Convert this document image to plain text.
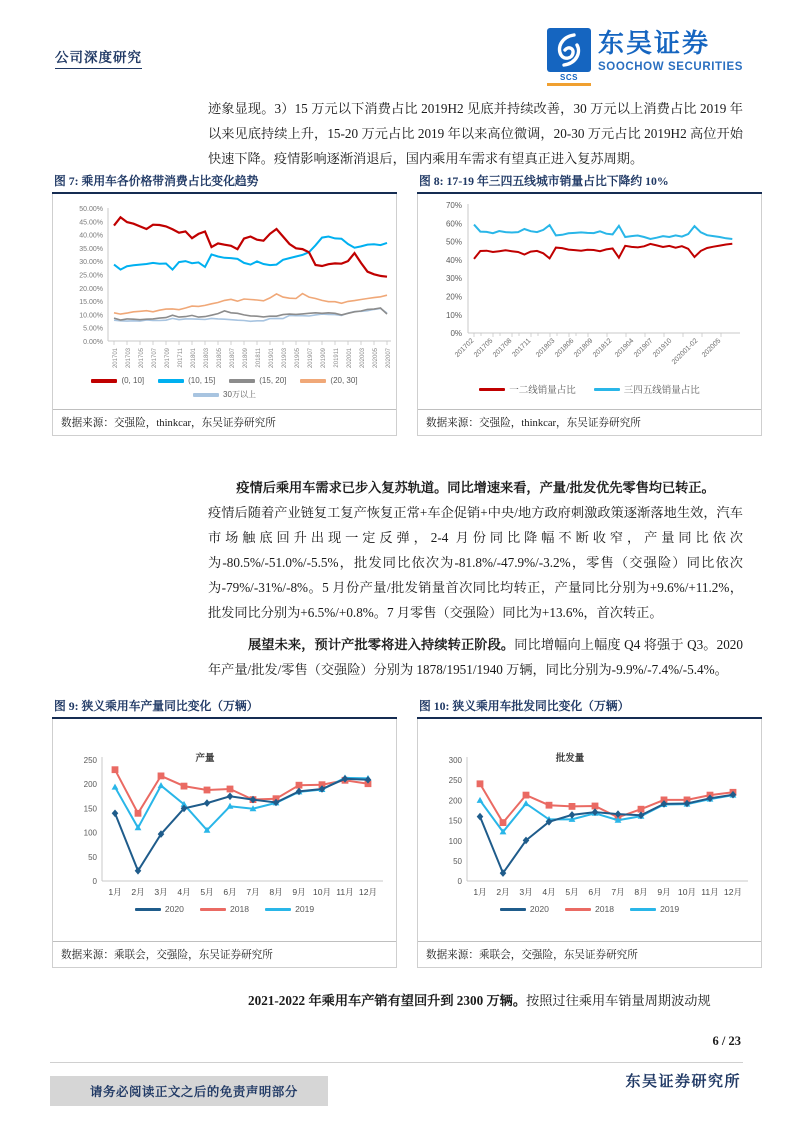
公司深度研究
SCS
东吴证券
SOOCHOW SECURITIES
迹象显现。3）15 万元以下消费占比 2019H2 见底并持续改善，30 万元以上消费占比 2019 年以来见底持续上升，15-20 万元占比 2019 年以来高位微调，20-30 万元占比 2019H2 高位开始快速下降。疫情影响逐渐消退后，国内乘用车需求有望真正进入复苏周期。
图 7: 乘用车各价格带消费占比变化趋势
50.00%
45.00%
40.00%
35.00%
30.00%
25.00%
20.00%
15.00%
10.00%
5.00%
0.00%
201701 201703 201705 201707 201709 201711 201801 201803 201805 201807 201809 201811 201901 201903 201905 201907 201909 201911 202001 202003 202005 202007
(0, 10]	(10, 15]	(15, 20]	(20, 30]
30万以上
数据来源：交强险，thinkcar，东吴证券研究所
图 8: 17-19 年三四五线城市销量占比下降约 10%
70%
60%
50%
40%
30%
20%
10%
0%
201702
201705
201708
201711 201803
201806
201809
201812 201904
201907
201910
202001-02 202005
一二线销量占比	三四五线销量占比
数据来源：交强险，thinkcar，东吴证券研究所
疫情后乘用车需求已步入复苏轨道。同比增速来看，产量/批发优先零售均已转正。
疫情后随着产业链复工复产恢复正常+车企促销+中央/地方政府刺激政策逐渐落地生效，汽车市场触底回升出现一定反弹，2-4 月份同比降幅不断收窄，产量同比依次为-80.5%/-51.0%/-5.5%，批发同比依次为-81.8%/-47.9%/-3.2%，零售（交强险）同比依次为-79%/-31%/-8%。5 月份产量/批发销量首次同比均转正，产量同比分别为+9.6%/+11.2%，批发同比分别为+6.5%/+0.8%。7 月零售（交强险）同比为+13.6%，首次转正。
展望未来，预计产批零将进入持续转正阶段。同比增幅向上幅度 Q4 将强于 Q3。2020 年产量/批发/零售（交强险）分别为 1878/1951/1940 万辆，同比分别为-9.9%/-7.4%/-5.4%。
图 9: 狭义乘用车产量同比变化（万辆）
产量
250
200
150
100
50
0
1月 2月 3月 4月 5月 6月 7月 8月 9月 10月 11月 12月
2020	2018	2019
数据来源：乘联会，交强险，东吴证券研究所
图 10: 狭义乘用车批发同比变化（万辆）
批发量
300
250
200
150
100
50
0
1月 2月 3月 4月 5月 6月 7月 8月 9月 10月 11月 12月
2020	2018	2019
数据来源：乘联会，交强险，东吴证券研究所
2021-2022 年乘用车产销有望回升到 2300 万辆。按照过往乘用车销量周期波动规
6 / 23
请务必阅读正文之后的免责声明部分
东吴证券研究所
